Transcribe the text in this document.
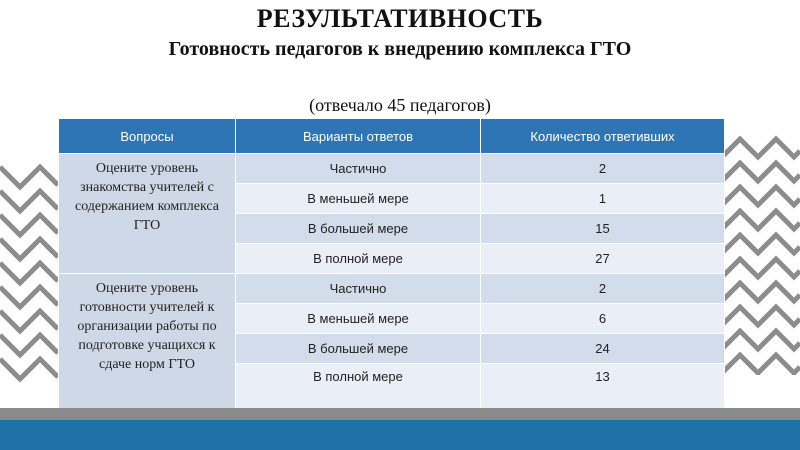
РЕЗУЛЬТАТИВНОСТЬ
Готовность педагогов к внедрению комплекса ГТО
(отвечало 45 педагогов)
Вопросы	Варианты ответов	Количество ответивших
Оцените уровень знакомства учителей с содержанием комплекса ГТО	Частично	2
	В меньшей мере	1
	В большей мере	15
	В полной мере	27
Оцените уровень готовности учителей к организации работы по подготовке учащихся к сдаче норм ГТО	Частично	2
	В меньшей мере	6
	В большей мере	24
	В полной мере	13
